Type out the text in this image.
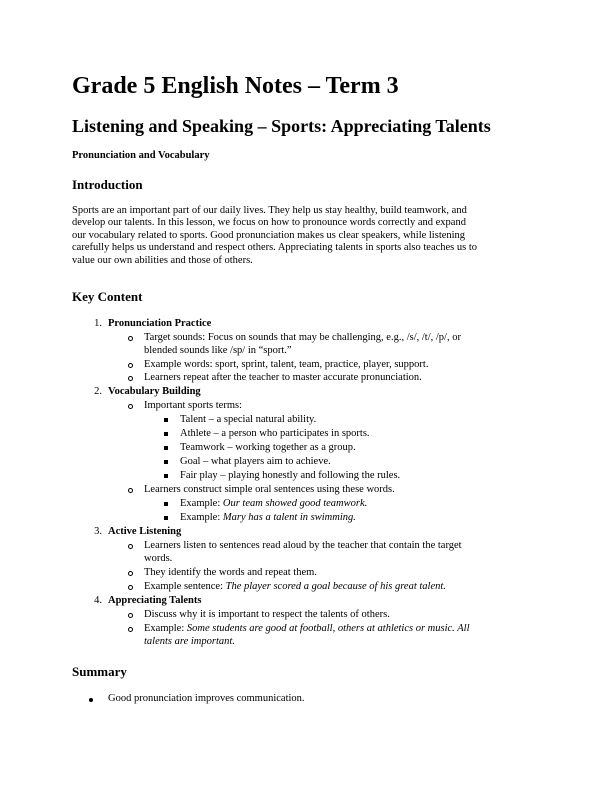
Grade 5 English Notes – Term 3
Listening and Speaking – Sports: Appreciating Talents
Pronunciation and Vocabulary
Introduction
Sports are an important part of our daily lives. They help us stay healthy, build teamwork, and
develop our talents. In this lesson, we focus on how to pronounce words correctly and expand
our vocabulary related to sports. Good pronunciation makes us clear speakers, while listening
carefully helps us understand and respect others. Appreciating talents in sports also teaches us to
value our own abilities and those of others.
Key Content
1. Pronunciation Practice
Target sounds: Focus on sounds that may be challenging, e.g., /s/, /t/, /p/, or
blended sounds like /sp/ in “sport.”
Example words: sport, sprint, talent, team, practice, player, support.
Learners repeat after the teacher to master accurate pronunciation.
2. Vocabulary Building
Important sports terms:
Talent – a special natural ability.
Athlete – a person who participates in sports.
Teamwork – working together as a group.
Goal – what players aim to achieve.
Fair play – playing honestly and following the rules.
Learners construct simple oral sentences using these words.
Example: Our team showed good teamwork.
Example: Mary has a talent in swimming.
3. Active Listening
Learners listen to sentences read aloud by the teacher that contain the target
words.
They identify the words and repeat them.
Example sentence: The player scored a goal because of his great talent.
4. Appreciating Talents
Discuss why it is important to respect the talents of others.
Example: Some students are good at football, others at athletics or music. All
talents are important.
Summary
Good pronunciation improves communication.
